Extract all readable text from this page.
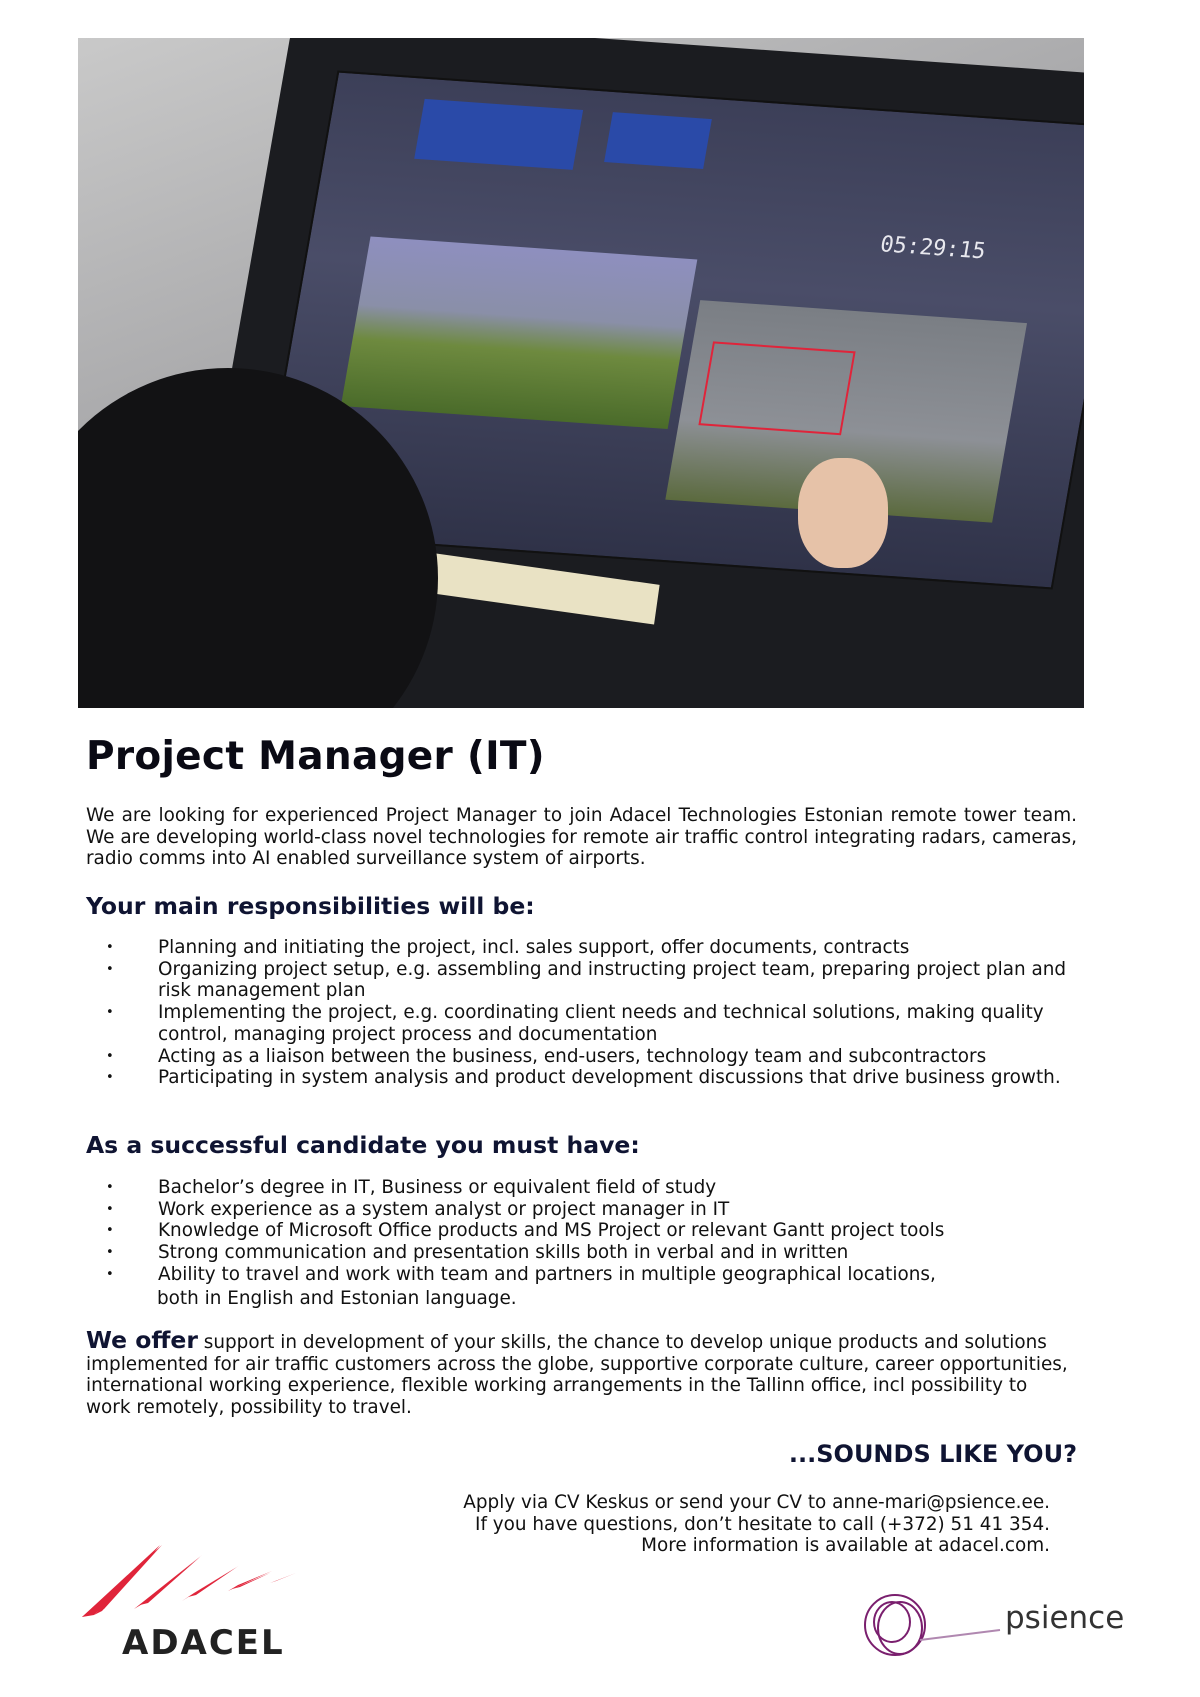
05:29:15
Project Manager (IT)

We are looking for experienced Project Manager to join Adacel Technologies Estonian remote tower team. We are developing world-class novel technologies for remote air traffic control integrating radars, cameras, radio comms into AI enabled surveillance system of airports.

Your main responsibilities will be:
• Planning and initiating the project, incl. sales support, offer documents, contracts
• Organizing project setup, e.g. assembling and instructing project team, preparing project plan and risk management plan
• Implementing the project, e.g. coordinating client needs and technical solutions, making quality control, managing project process and documentation
• Acting as a liaison between the business, end-users, technology team and subcontractors
• Participating in system analysis and product development discussions that drive business growth.
As a successful candidate you must have:
• Bachelor’s degree in IT, Business or equivalent field of study
• Work experience as a system analyst or project manager in IT
• Knowledge of Microsoft Office products and MS Project or relevant Gantt project tools
• Strong communication and presentation skills both in verbal and in written
• Ability to travel and work with team and partners in multiple geographical locations,
both in English and Estonian language.

We offer support in development of your skills, the chance to develop unique products and solutions implemented for air traffic customers across the globe, supportive corporate culture, career opportunities, international working experience, flexible working arrangements in the Tallinn office, incl possibility to work remotely, possibility to travel.

...SOUNDS LIKE YOU?
Apply via CV Keskus or send your CV to anne-mari@psience.ee.
If you have questions, don’t hesitate to call (+372) 51 41 354.
More information is available at adacel.com.
ADACEL
psience
